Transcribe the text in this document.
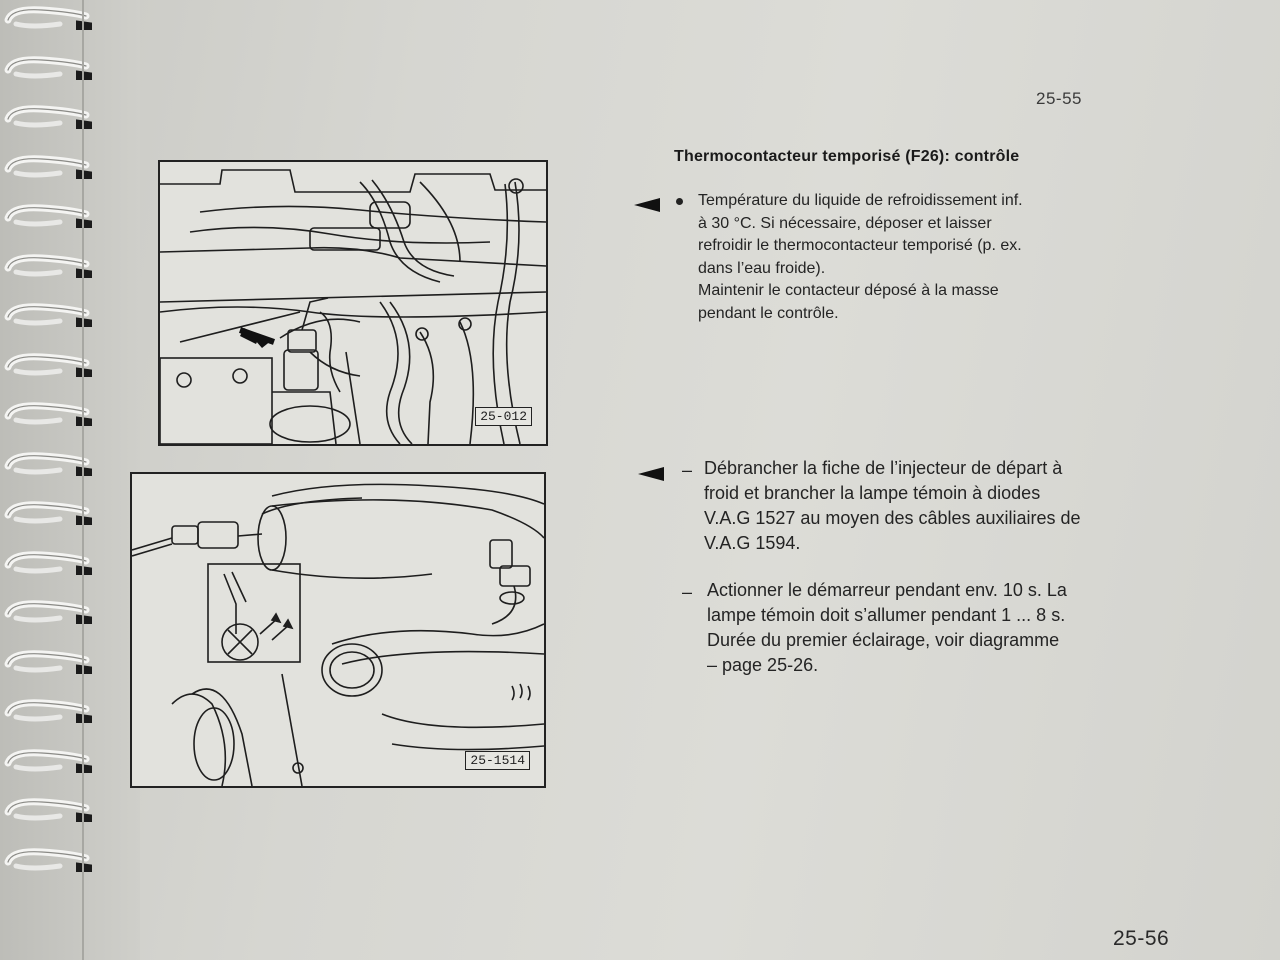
25-55
25-56
25-012
25-1514
Thermocontacteur temporisé (F26): contrôle
Température du liquide de refroidissement inf.
à 30 °C. Si nécessaire, déposer et laisser
refroidir le thermocontacteur temporisé (p. ex.
dans l’eau froide).
Maintenir le contacteur déposé à la masse
pendant le contrôle.
– Débrancher la fiche de l’injecteur de départ à
froid et brancher la lampe témoin à diodes
V.A.G 1527 au moyen des câbles auxiliaires de
V.A.G 1594.
– Actionner le démarreur pendant env. 10 s. La
lampe témoin doit s’allumer pendant 1 ... 8 s.
Durée du premier éclairage, voir diagramme
– page 25-26.
